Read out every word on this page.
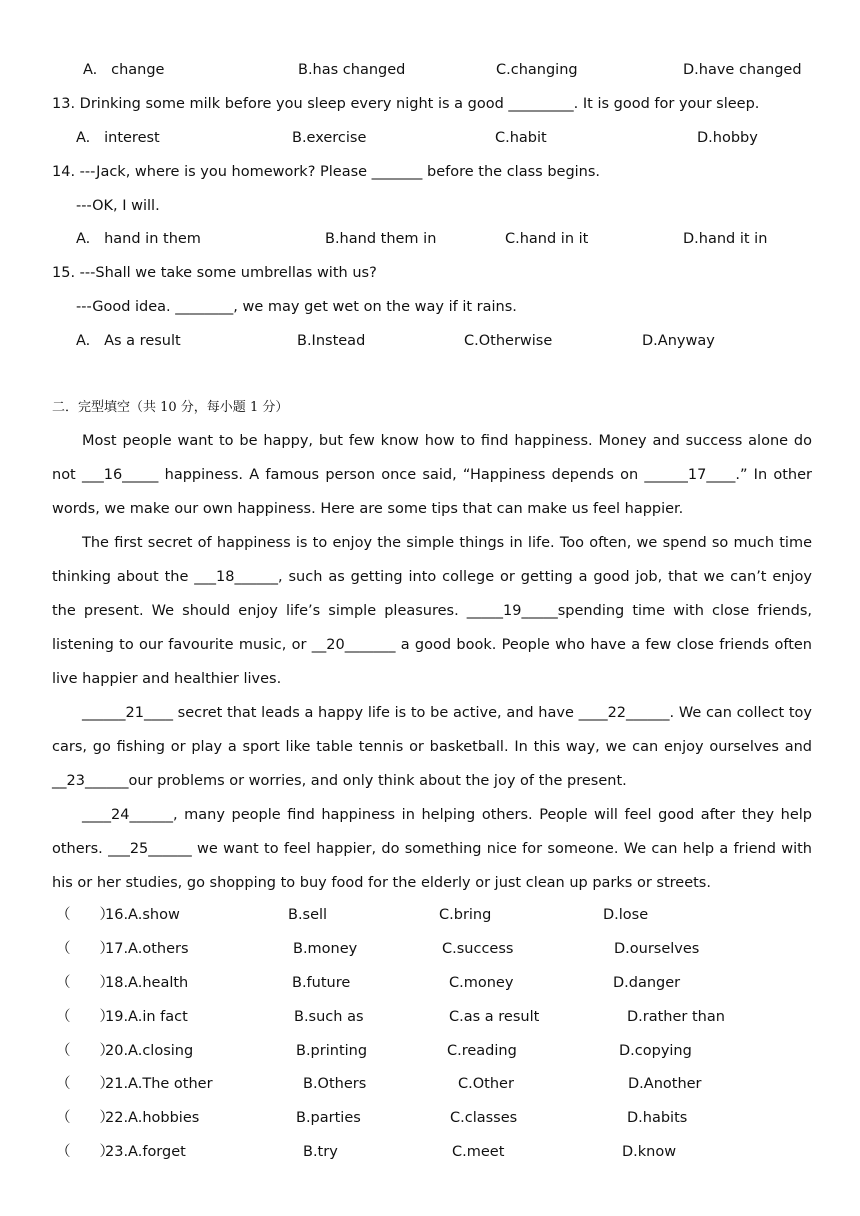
A.   change	B.has changed	C.changing	D.have changed
13. Drinking some milk before you sleep every night is a good _________. It is good for your sleep.
A.   interest	B.exercise	C.habit	D.hobby
14. ---Jack, where is you homework? Please _______ before the class begins.
---OK, I will.
A.   hand in them	B.hand them in	C.hand in it	D.hand it in
15. ---Shall we take some umbrellas with us?
---Good idea. ________, we may get wet on the way if it rains.
A.   As a result	B.Instead	C.Otherwise	D.Anyway
二．完型填空（共 10 分，每小题 1 分）

Most people want to be happy, but few know how to find happiness. Money and success alone do not ___16_____ happiness. A famous person once said, “Happiness depends on ______17____.” In other words, we make our own happiness. Here are some tips that can make us feel happier.

The first secret of happiness is to enjoy the simple things in life. Too often, we spend so much time thinking about the ___18______, such as getting into college or getting a good job, that we can’t enjoy the present. We should enjoy life’s simple pleasures. _____19_____spending time with close friends, listening to our favourite music, or __20_______ a good book. People who have a few close friends often live happier and healthier lives.

______21____ secret that leads a happy life is to be active, and have ____22______. We can collect toy cars, go fishing or play a sport like table tennis or basketball. In this way, we can enjoy ourselves and __23______our problems or worries, and only think about the joy of the present.

____24______, many people find happiness in helping others. People will feel good after they help others. ___25______ we want to feel happier, do something nice for someone. We can help a friend with his or her studies, go shopping to buy food for the elderly or just clean up parks or streets.

（　　）
16.A.show	B.sell	C.bring	D.lose
（　　）
17.A.others	B.money	C.success	D.ourselves
（　　）
18.A.health	B.future	C.money	D.danger
（　　）
19.A.in fact	B.such as	C.as a result	D.rather than
（　　）
20.A.closing	B.printing	C.reading	D.copying
（　　）
21.A.The other	B.Others	C.Other	D.Another
（　　）
22.A.hobbies	B.parties	C.classes	D.habits
（　　）
23.A.forget	B.try	C.meet	D.know
